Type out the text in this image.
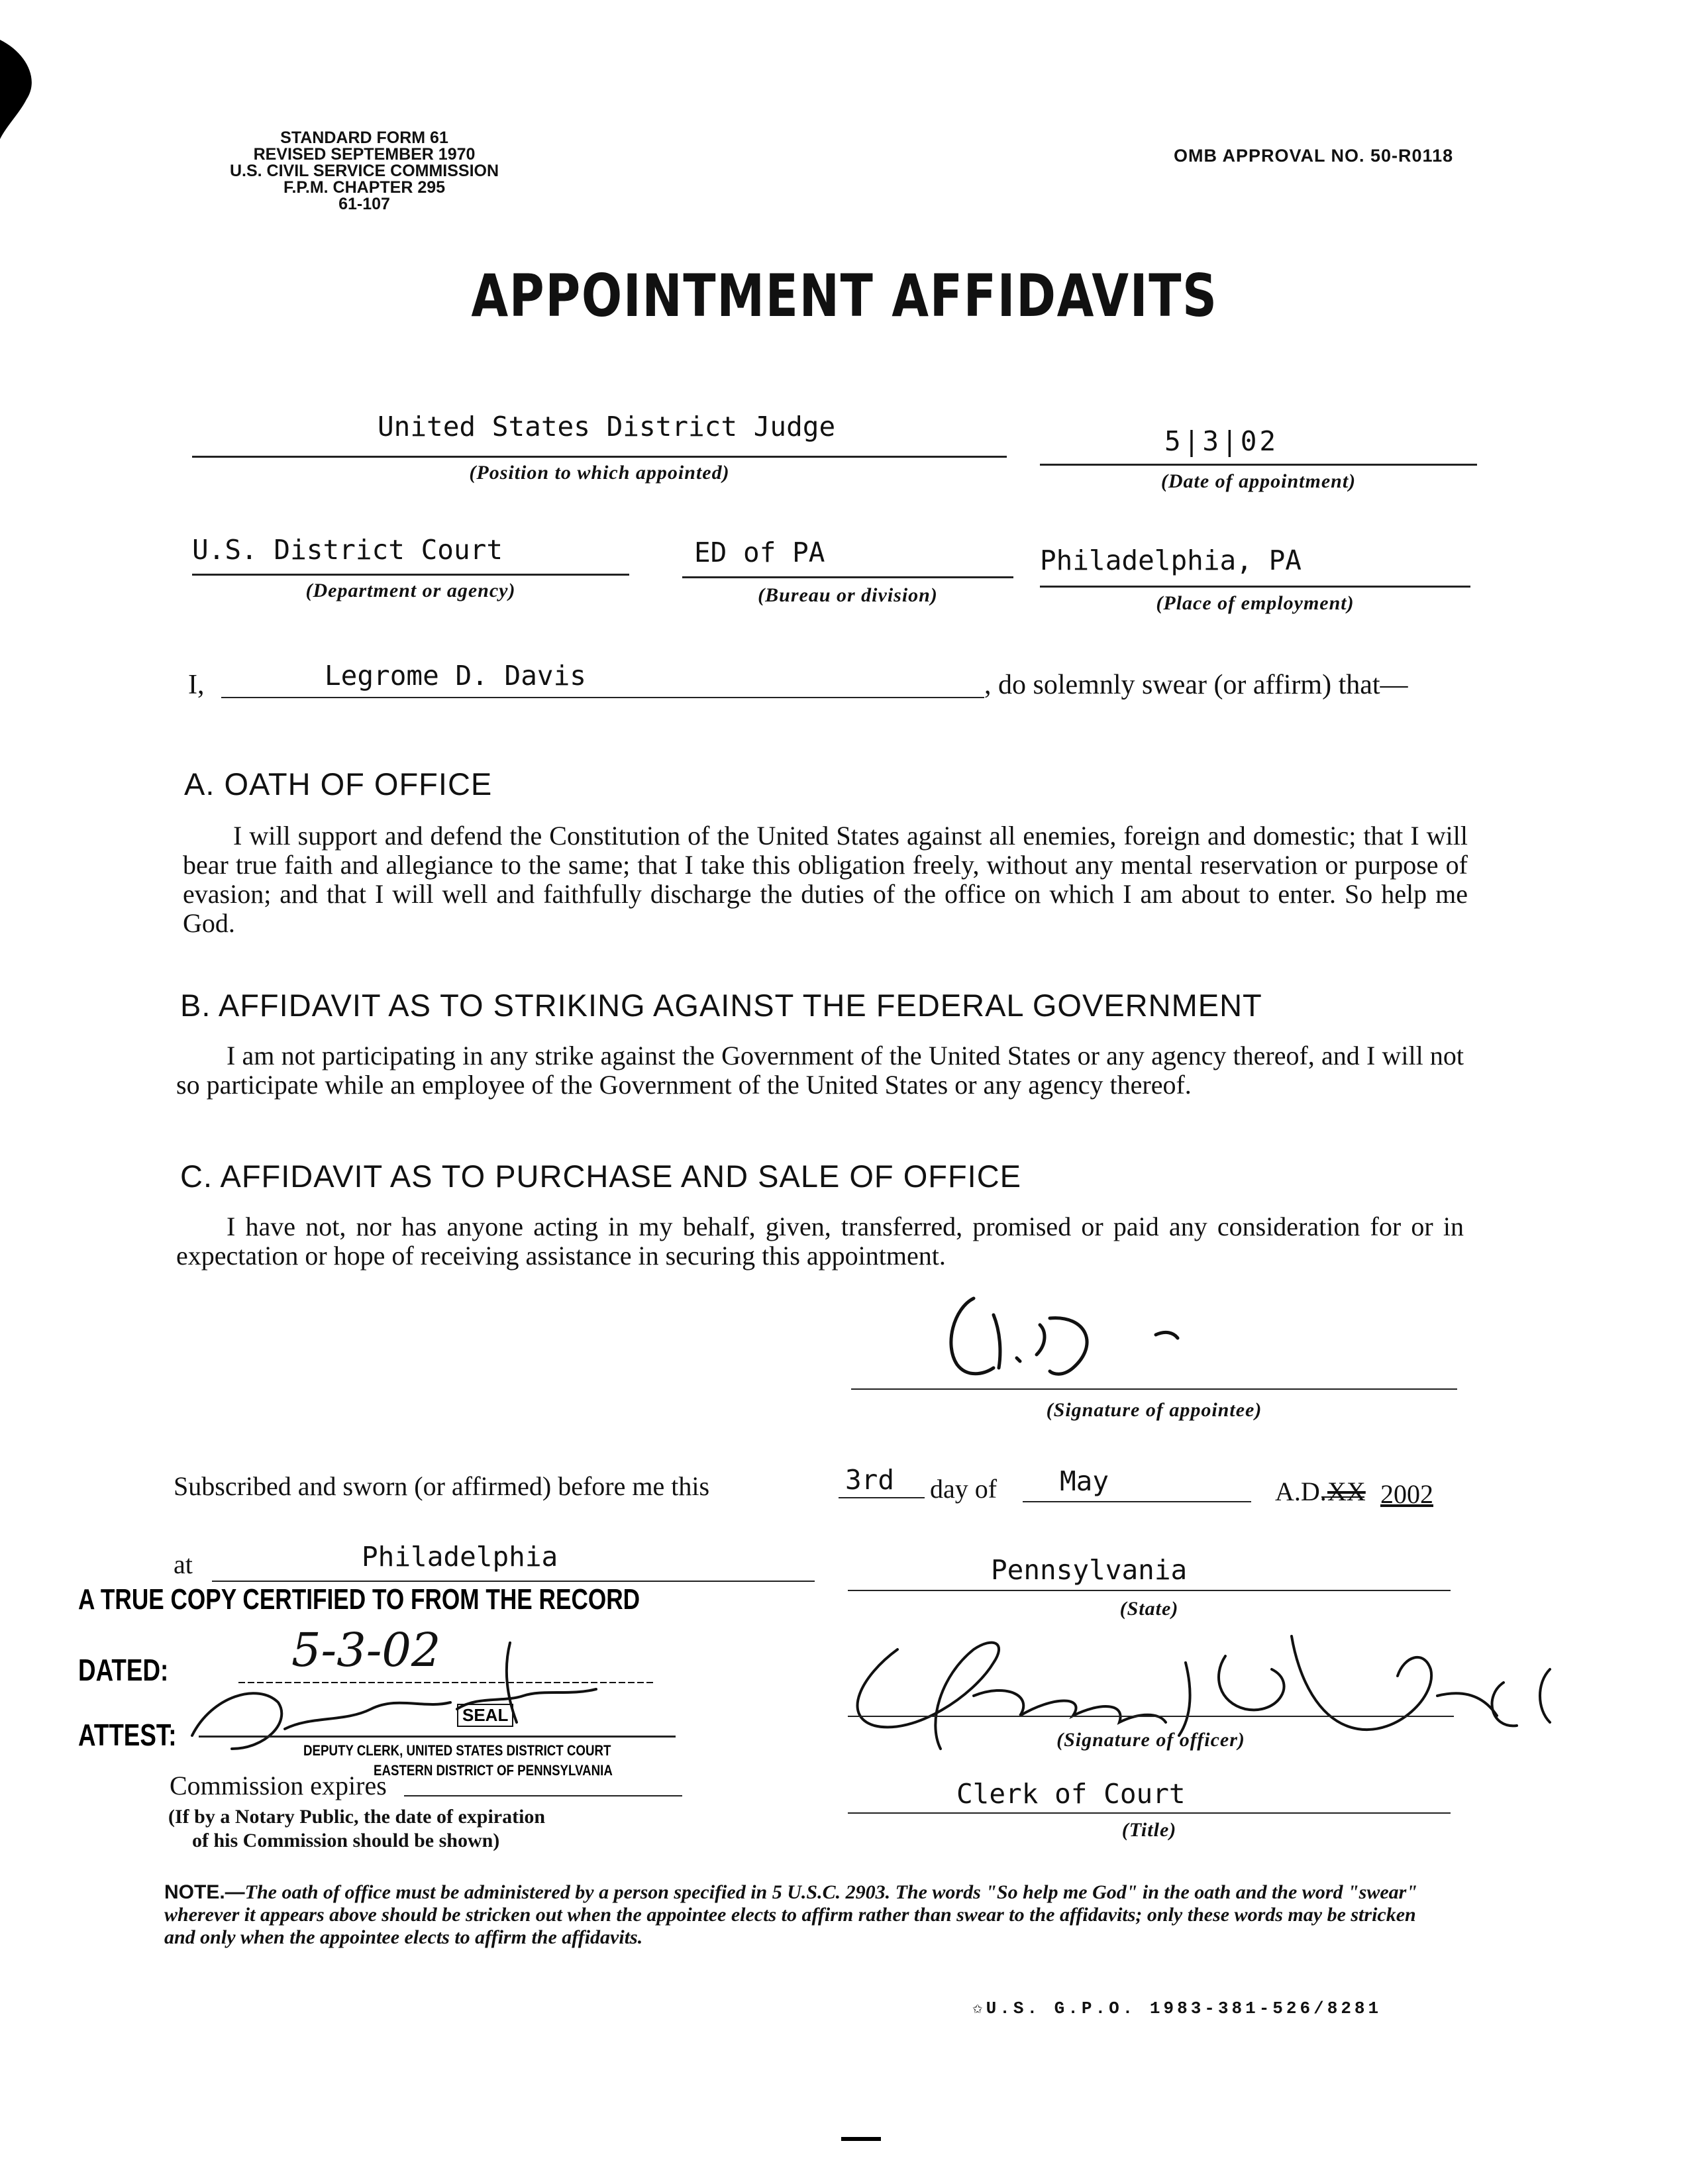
STANDARD FORM 61
REVISED SEPTEMBER 1970
U.S. CIVIL SERVICE COMMISSION
F.P.M. CHAPTER 295
61-107
OMB APPROVAL NO. 50-R0118
APPOINTMENT AFFIDAVITS
United States District Judge
(Position to which appointed)
5|3|02
(Date of appointment)
U.S. District Court
(Department or agency)
ED of PA
(Bureau or division)
Philadelphia, PA
(Place of employment)
I,	Legrome D. Davis	, do solemnly swear (or affirm) that—
A. OATH OF OFFICE
I will support and defend the Constitution of the United States against all enemies, foreign and domestic; that I will bear true faith and allegiance to the same; that I take this obligation freely, without any mental reservation or purpose of evasion; and that I will well and faithfully discharge the duties of the office on which I am about to enter. So help me God.
B. AFFIDAVIT AS TO STRIKING AGAINST THE FEDERAL GOVERNMENT
I am not participating in any strike against the Government of the United States or any agency thereof, and I will not so participate while an employee of the Government of the United States or any agency thereof.
C. AFFIDAVIT AS TO PURCHASE AND SALE OF OFFICE
I have not, nor has anyone acting in my behalf, given, transferred, promised or paid any consideration for or in expectation or hope of receiving assistance in securing this appointment.
(Signature of appointee)
Subscribed and sworn (or affirmed) before me this	3rd day of May	A.D. XX 2002
at	Philadelphia	Pennsylvania
(State)
A TRUE COPY CERTIFIED TO FROM THE RECORD
DATED:	5-3-02
ATTEST:
SEAL
DEPUTY CLERK, UNITED STATES DISTRICT COURT
EASTERN DISTRICT OF PENNSYLVANIA
(Signature of officer)
Commission expires
(If by a Notary Public, the date of expiration
of his Commission should be shown)
Clerk of Court
(Title)
NOTE.—The oath of office must be administered by a person specified in 5 U.S.C. 2903. The words "So help me God" in the oath and the word "swear" wherever it appears above should be stricken out when the appointee elects to affirm rather than swear to the affidavits; only these words may be stricken and only when the appointee elects to affirm the affidavits.
✩U.S. G.P.O. 1983-381-526/8281
